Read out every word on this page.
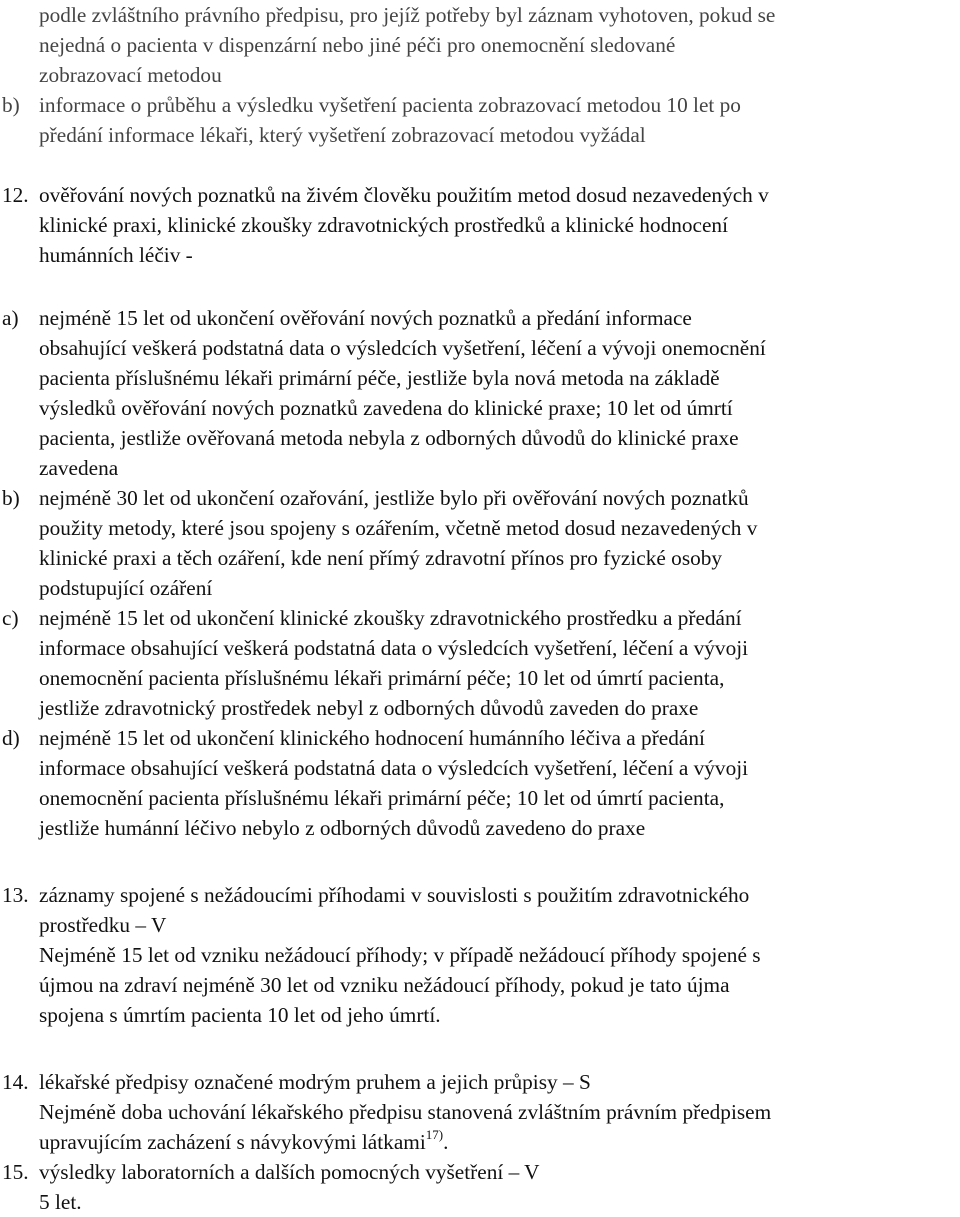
podle zvláštního právního předpisu, pro jejíž potřeby byl záznam vyhotoven, pokud se
nejedná o pacienta v dispenzární nebo jiné péči pro onemocnění sledované
zobrazovací metodou
b) informace o průběhu a výsledku vyšetření pacienta zobrazovací metodou 10 let po
předání informace lékaři, který vyšetření zobrazovací metodou vyžádal
12. ověřování nových poznatků na živém člověku použitím metod dosud nezavedených v
klinické praxi, klinické zkoušky zdravotnických prostředků a klinické hodnocení
humánních léčiv -
a) nejméně 15 let od ukončení ověřování nových poznatků a předání informace
obsahující veškerá podstatná data o výsledcích vyšetření, léčení a vývoji onemocnění
pacienta příslušnému lékaři primární péče, jestliže byla nová metoda na základě
výsledků ověřování nových poznatků zavedena do klinické praxe; 10 let od úmrtí
pacienta, jestliže ověřovaná metoda nebyla z odborných důvodů do klinické praxe
zavedena
b) nejméně 30 let od ukončení ozařování, jestliže bylo při ověřování nových poznatků
použity metody, které jsou spojeny s ozářením, včetně metod dosud nezavedených v
klinické praxi a těch ozáření, kde není přímý zdravotní přínos pro fyzické osoby
podstupující ozáření
c) nejméně 15 let od ukončení klinické zkoušky zdravotnického prostředku a předání
informace obsahující veškerá podstatná data o výsledcích vyšetření, léčení a vývoji
onemocnění pacienta příslušnému lékaři primární péče; 10 let od úmrtí pacienta,
jestliže zdravotnický prostředek nebyl z odborných důvodů zaveden do praxe
d) nejméně 15 let od ukončení klinického hodnocení humánního léčiva a předání
informace obsahující veškerá podstatná data o výsledcích vyšetření, léčení a vývoji
onemocnění pacienta příslušnému lékaři primární péče; 10 let od úmrtí pacienta,
jestliže humánní léčivo nebylo z odborných důvodů zavedeno do praxe
13. záznamy spojené s nežádoucími příhodami v souvislosti s použitím zdravotnického
prostředku – V
Nejméně 15 let od vzniku nežádoucí příhody; v případě nežádoucí příhody spojené s
újmou na zdraví nejméně 30 let od vzniku nežádoucí příhody, pokud je tato újma
spojena s úmrtím pacienta 10 let od jeho úmrtí.
14. lékařské předpisy označené modrým pruhem a jejich průpisy – S
Nejméně doba uchování lékařského předpisu stanovená zvláštním právním předpisem
upravujícím zacházení s návykovými látkami$^{17)}$.
15. výsledky laboratorních a dalších pomocných vyšetření – V
5 let.
